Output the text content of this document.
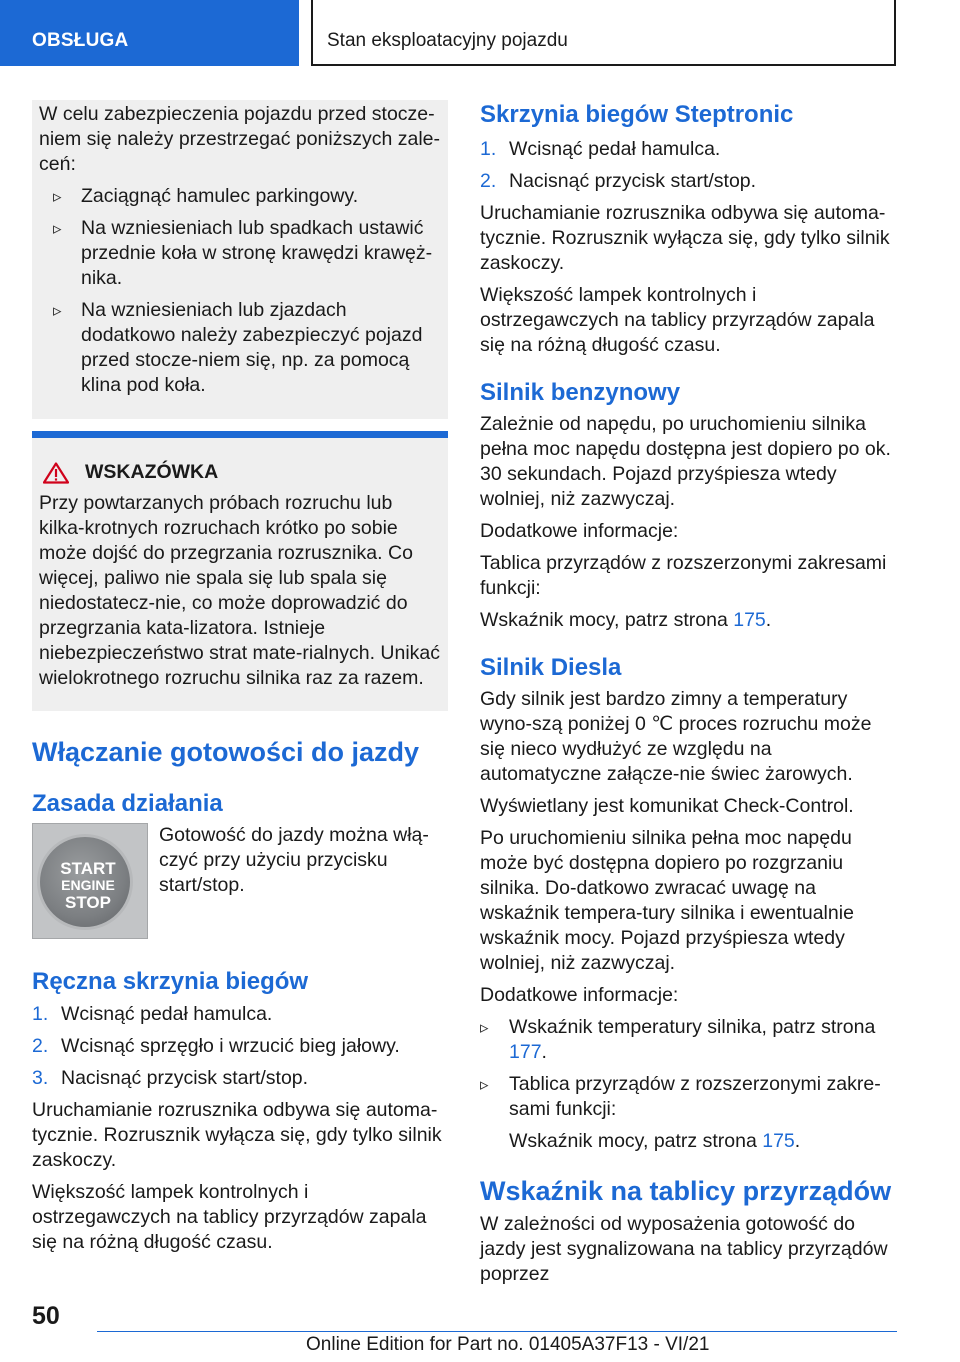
OBSŁUGA	Stan eksploatacyjny pojazdu

W celu zabezpieczenia pojazdu przed stocze-niem się należy przestrzegać poniższych zale-ceń:

▹ Zaciągnąć hamulec parkingowy.
▹ Na wzniesieniach lub spadkach ustawić przednie koła w stronę krawędzi krawęż-nika.
▹ Na wzniesieniach lub zjazdach dodatkowo należy zabezpieczyć pojazd przed stocze-niem się, np. za pomocą klina pod koła.
WSKAZÓWKA

Przy powtarzanych próbach rozruchu lub kilka-krotnych rozruchach krótko po sobie może dojść do przegrzania rozrusznika. Co więcej, paliwo nie spala się lub spala się niedostatecz-nie, co może doprowadzić do przegrzania kata-lizatora. Istnieje niebezpieczeństwo strat mate-rialnych. Unikać wielokrotnego rozruchu silnika raz za razem.

Włączanie gotowości do jazdy
Zasada działania
START
ENGINE
STOP

Gotowość do jazdy można włą-czyć przy użyciu przycisku start/stop.

Ręczna skrzynia biegów
1. Wcisnąć pedał hamulca.
2. Wcisnąć sprzęgło i wrzucić bieg jałowy.
3. Nacisnąć przycisk start/stop.

Uruchamianie rozrusznika odbywa się automa-tycznie. Rozrusznik wyłącza się, gdy tylko silnik zaskoczy.

Większość lampek kontrolnych i ostrzegawczych na tablicy przyrządów zapala się na różną długość czasu.

Skrzynia biegów Steptronic
1. Wcisnąć pedał hamulca.
2. Nacisnąć przycisk start/stop.

Uruchamianie rozrusznika odbywa się automa-tycznie. Rozrusznik wyłącza się, gdy tylko silnik zaskoczy.

Większość lampek kontrolnych i ostrzegawczych na tablicy przyrządów zapala się na różną długość czasu.

Silnik benzynowy

Zależnie od napędu, po uruchomieniu silnika pełna moc napędu dostępna jest dopiero po ok. 30 sekundach. Pojazd przyśpiesza wtedy wolniej, niż zazwyczaj.

Dodatkowe informacje:

Tablica przyrządów z rozszerzonymi zakresami funkcji:

Wskaźnik mocy, patrz strona 175.

Silnik Diesla

Gdy silnik jest bardzo zimny a temperatury wyno-szą poniżej 0 ℃ proces rozruchu może się nieco wydłużyć ze względu na automatyczne załącze-nie świec żarowych.

Wyświetlany jest komunikat Check-Control.

Po uruchomieniu silnika pełna moc napędu może być dostępna dopiero po rozgrzaniu silnika. Do-datkowo zwracać uwagę na wskaźnik tempera-tury silnika i ewentualnie wskaźnik mocy. Pojazd przyśpiesza wtedy wolniej, niż zazwyczaj.

Dodatkowe informacje:

▹ Wskaźnik temperatury silnika, patrz strona 177.
▹ Tablica przyrządów z rozszerzonymi zakre-sami funkcji:

Wskaźnik mocy, patrz strona 175.

Wskaźnik na tablicy przyrządów

W zależności od wyposażenia gotowość do jazdy jest sygnalizowana na tablicy przyrządów poprzez

50
Online Edition for Part no. 01405A37F13 - VI/21
